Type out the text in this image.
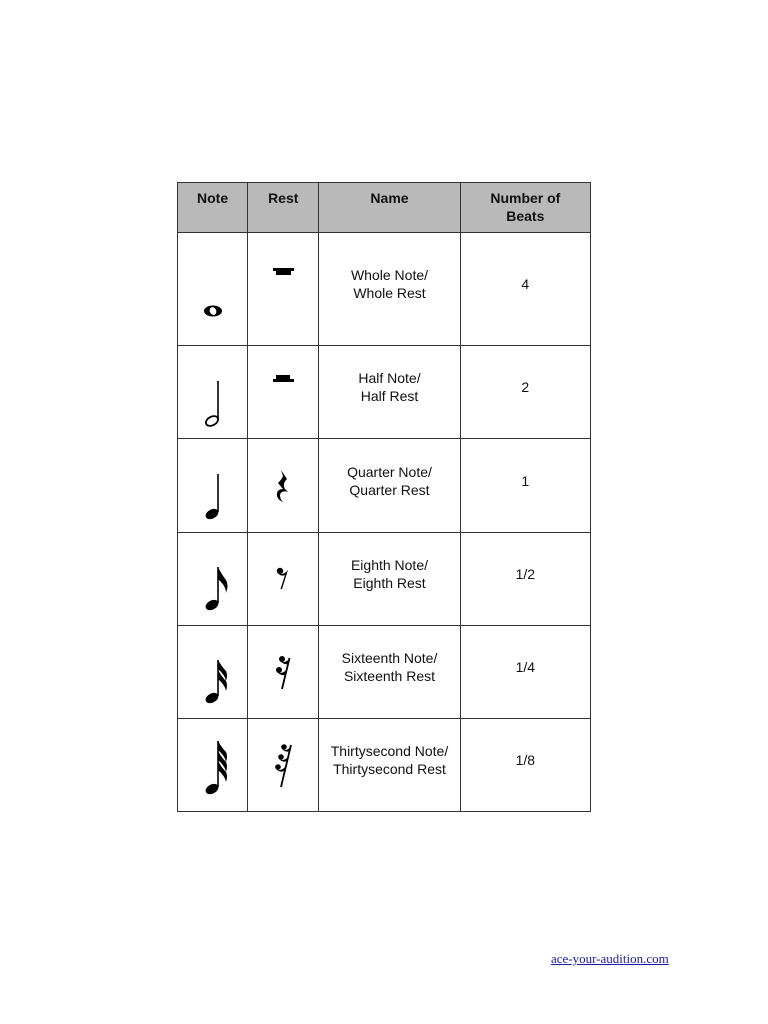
Note	Rest	Name	Number of
Beats

Whole Note/
Whole Rest	4

Half Note/
Half Rest	2

Quarter Note/
Quarter Rest	1

Eighth Note/
Eighth Rest	1/2

Sixteenth Note/
Sixteenth Rest	1/4

Thirtysecond Note/
Thirtysecond Rest	1/8
ace-your-audition.com
